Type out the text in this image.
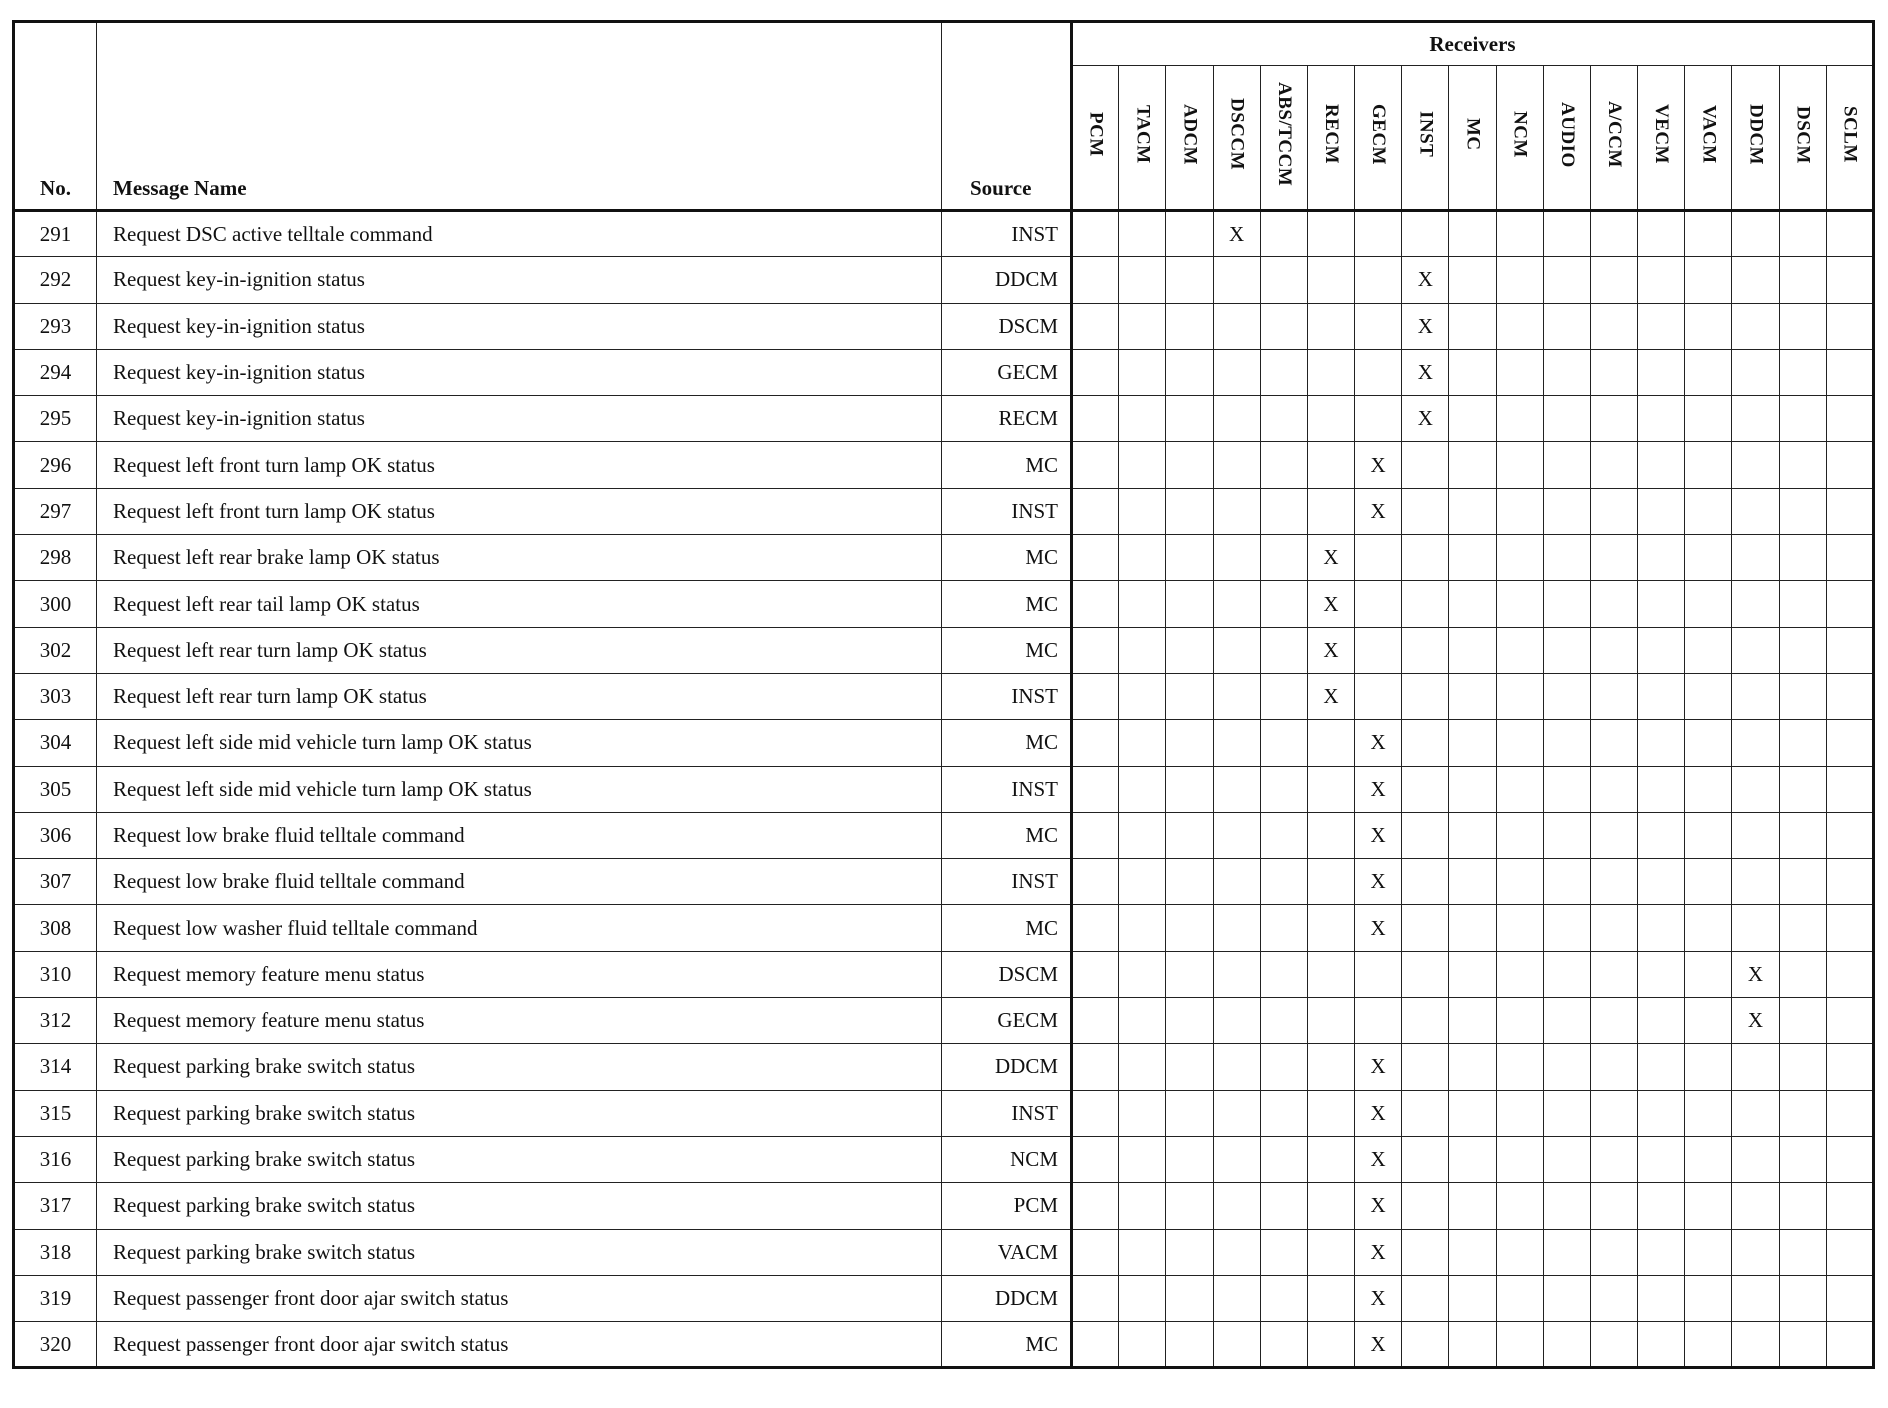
No.	Message Name	Source	Receivers																
			PCM	TACM	ADCM	DSCCM	ABS/TCCM	RECM	GECM	INST	MC	NCM	AUDIO	A/CCM	VECM	VACM	DDCM	DSCM	SCLM
291	Request DSC active telltale command	INST				X													
292	Request key-in-ignition status	DDCM								X									
293	Request key-in-ignition status	DSCM								X									
294	Request key-in-ignition status	GECM								X									
295	Request key-in-ignition status	RECM								X									
296	Request left front turn lamp OK status	MC							X										
297	Request left front turn lamp OK status	INST							X										
298	Request left rear brake lamp OK status	MC						X											
300	Request left rear tail lamp OK status	MC						X											
302	Request left rear turn lamp OK status	MC						X											
303	Request left rear turn lamp OK status	INST						X											
304	Request left side mid vehicle turn lamp OK status	MC							X										
305	Request left side mid vehicle turn lamp OK status	INST							X										
306	Request low brake fluid telltale command	MC							X										
307	Request low brake fluid telltale command	INST							X										
308	Request low washer fluid telltale command	MC							X										
310	Request memory feature menu status	DSCM															X		
312	Request memory feature menu status	GECM															X		
314	Request parking brake switch status	DDCM							X										
315	Request parking brake switch status	INST							X										
316	Request parking brake switch status	NCM							X										
317	Request parking brake switch status	PCM							X										
318	Request parking brake switch status	VACM							X										
319	Request passenger front door ajar switch status	DDCM							X										
320	Request passenger front door ajar switch status	MC							X										
